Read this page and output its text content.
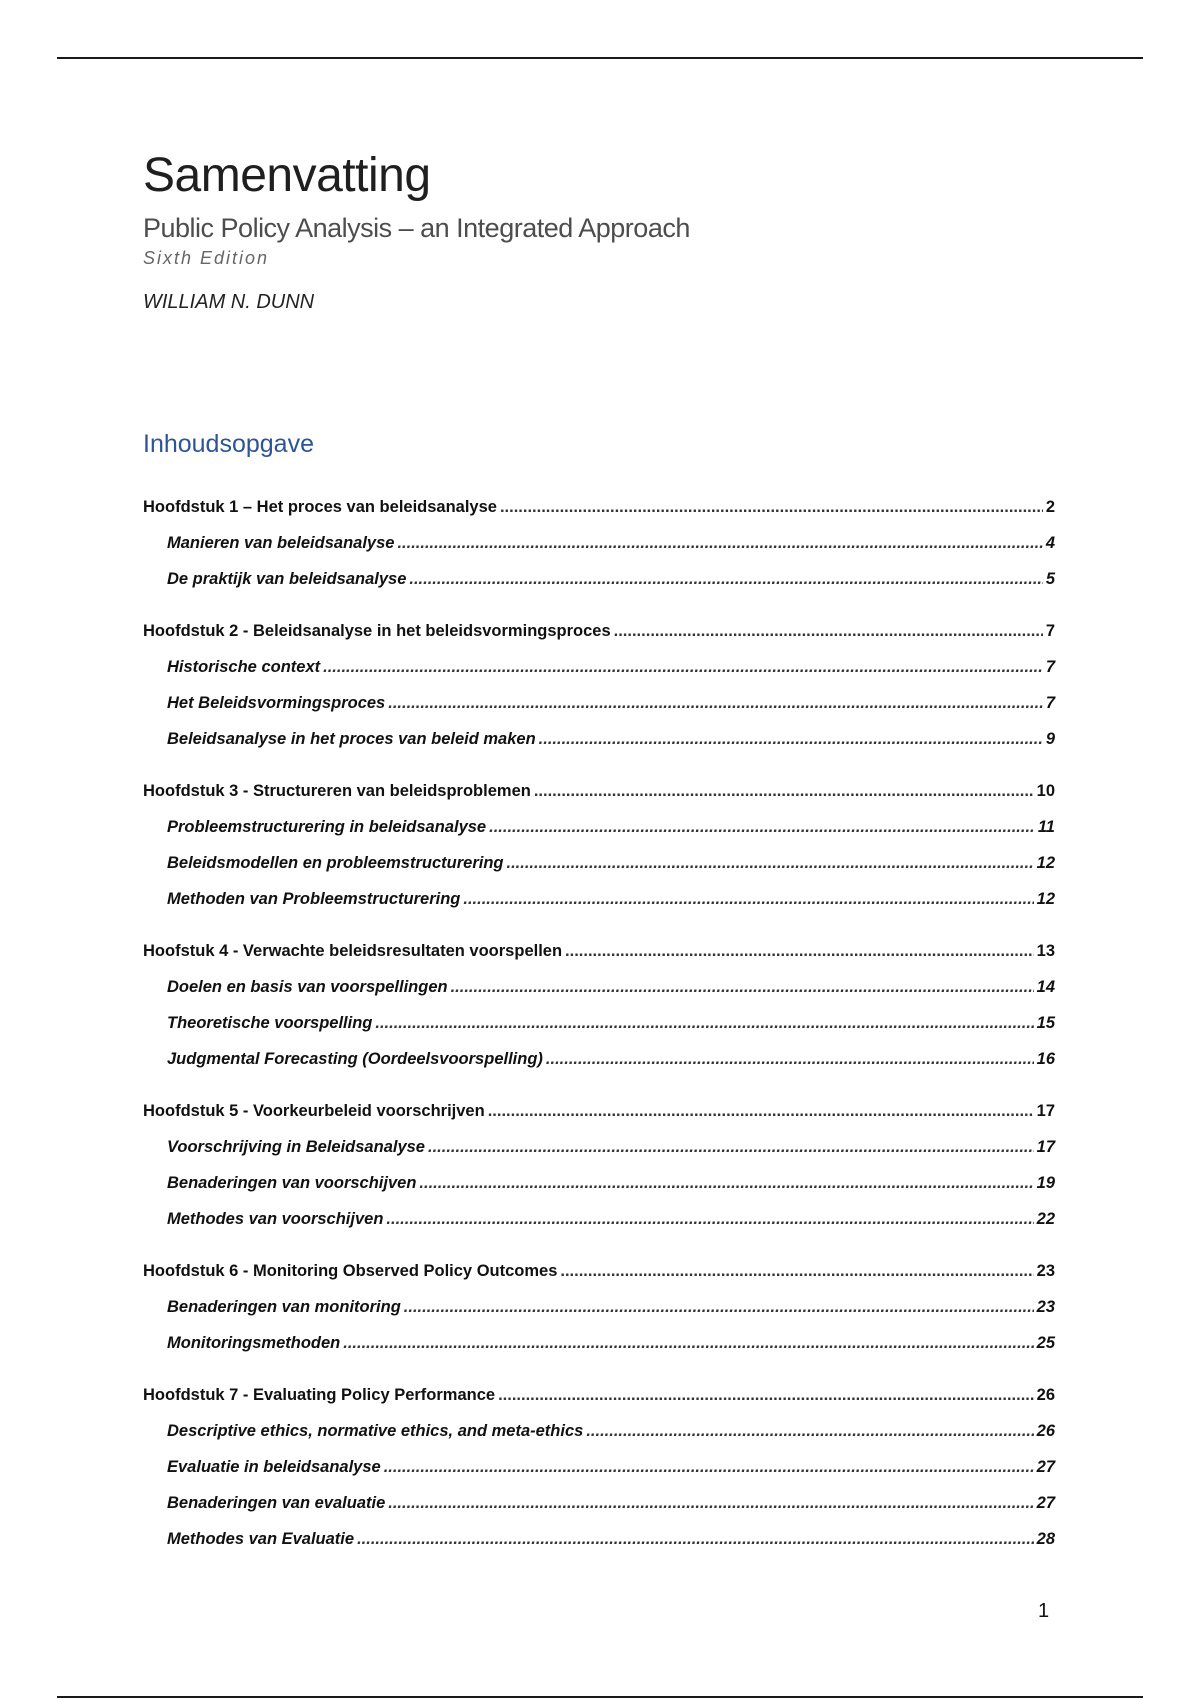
Samenvatting
Public Policy Analysis – an Integrated Approach
Sixth Edition
WILLIAM N. DUNN
Inhoudsopgave
Hoofdstuk 1 – Het proces van beleidsanalyse .....	2
Manieren van beleidsanalyse .....	4
De praktijk van beleidsanalyse .....	5
Hoofdstuk 2 - Beleidsanalyse in het beleidsvormingsproces .....	7
Historische context .....	7
Het Beleidsvormingsproces .....	7
Beleidsanalyse in het proces van beleid maken .....	9
Hoofdstuk 3 - Structureren van beleidsproblemen .....	10
Probleemstructurering in beleidsanalyse .....	11
Beleidsmodellen en probleemstructurering .....	12
Methoden van Probleemstructurering .....	12
Hoofstuk 4 - Verwachte beleidsresultaten voorspellen .....	13
Doelen en basis van voorspellingen .....	14
Theoretische voorspelling .....	15
Judgmental Forecasting (Oordeelsvoorspelling) .....	16
Hoofdstuk 5 - Voorkeurbeleid voorschrijven .....	17
Voorschrijving in Beleidsanalyse .....	17
Benaderingen van voorschijven .....	19
Methodes van voorschijven .....	22
Hoofdstuk 6 - Monitoring Observed Policy Outcomes .....	23
Benaderingen van monitoring .....	23
Monitoringsmethoden .....	25
Hoofdstuk 7 - Evaluating Policy Performance .....	26
Descriptive ethics, normative ethics, and meta-ethics .....	26
Evaluatie in beleidsanalyse .....	27
Benaderingen van evaluatie .....	27
Methodes van Evaluatie .....	28
1
